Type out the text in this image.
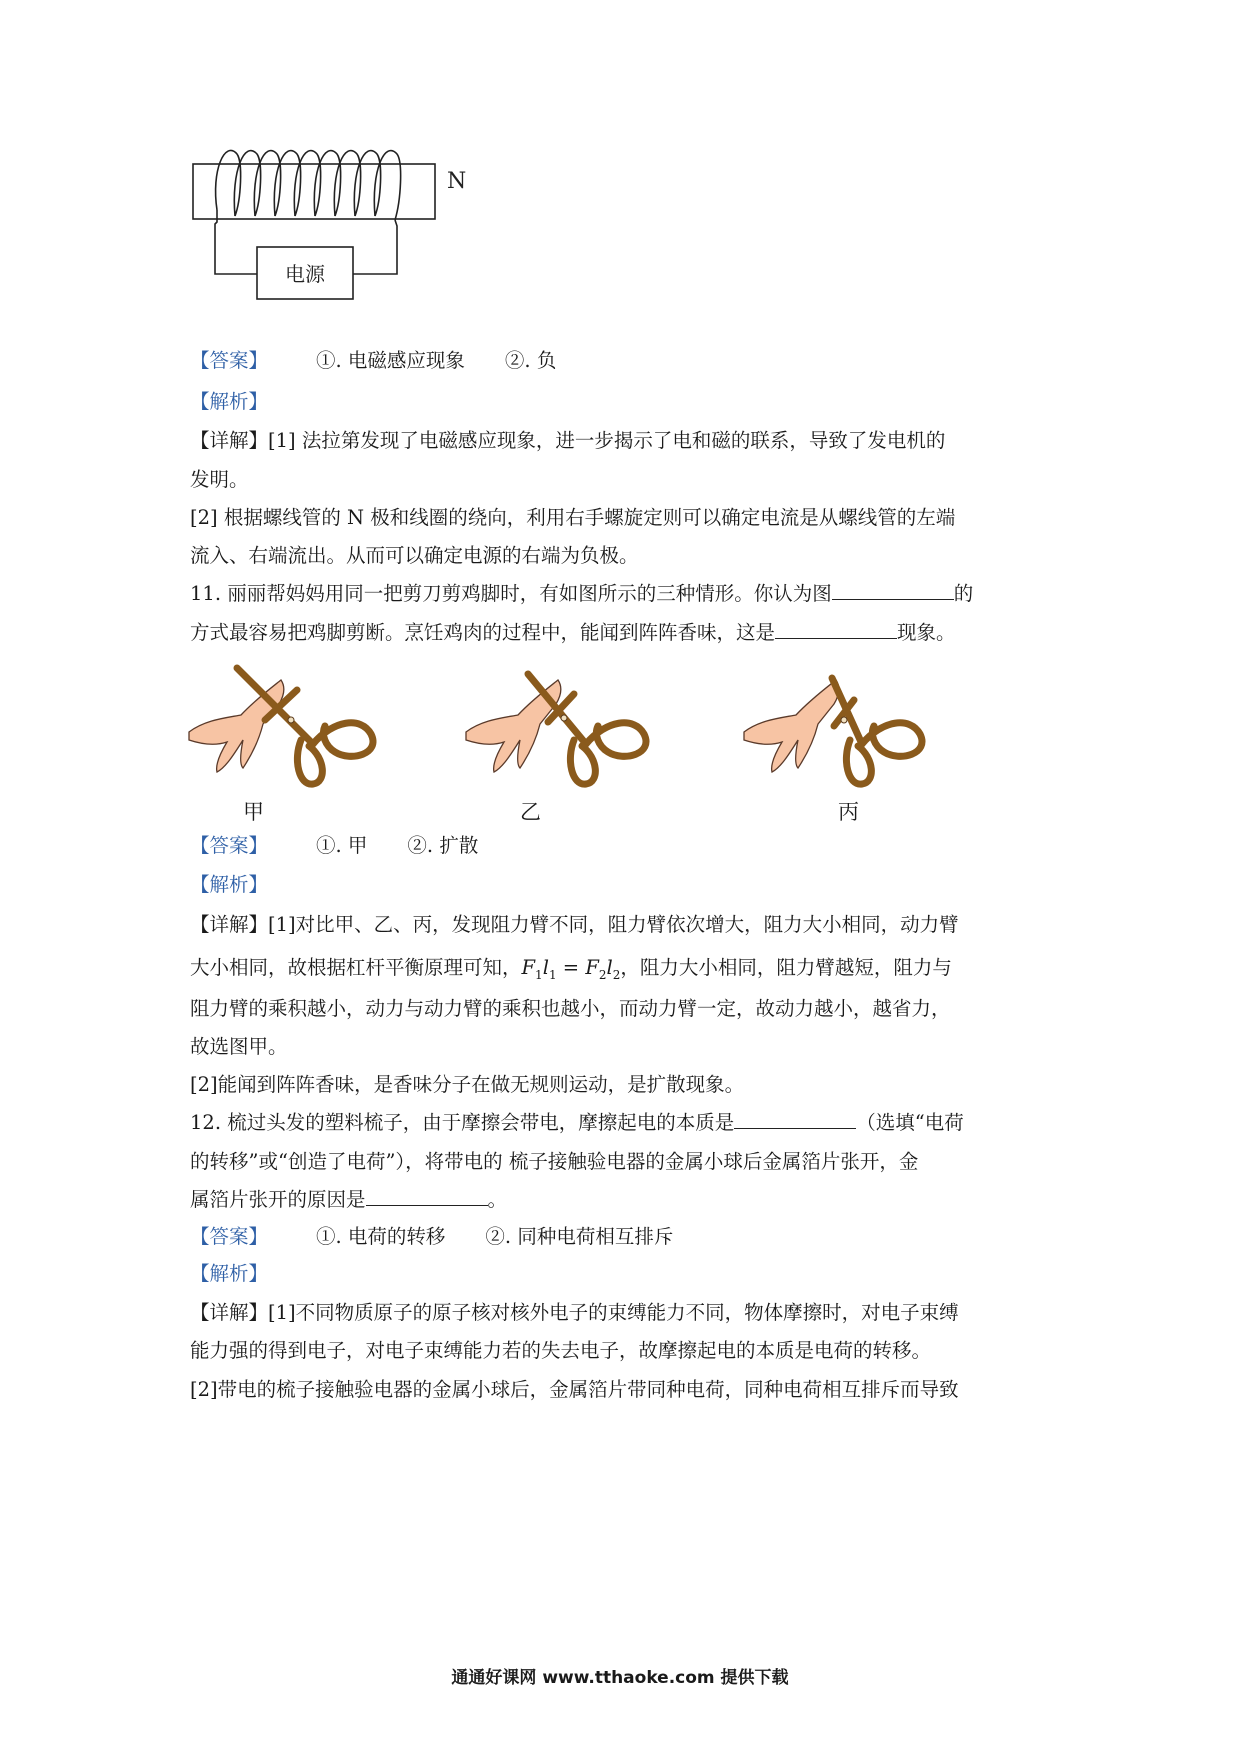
电源
N
【答案】 ①. 电磁感应现象 ②. 负
【解析】
【详解】[1] 法拉第发现了电磁感应现象，进一步揭示了电和磁的联系，导致了发电机的
发明。
[2] 根据螺线管的 N 极和线圈的绕向，利用右手螺旋定则可以确定电流是从螺线管的左端
流入、右端流出。从而可以确定电源的右端为负极。
11. 丽丽帮妈妈用同一把剪刀剪鸡脚时，有如图所示的三种情形。你认为图	的
方式最容易把鸡脚剪断。烹饪鸡肉的过程中，能闻到阵阵香味，这是	现象。
甲	乙	丙
【答案】 ①. 甲 ②. 扩散
【解析】
【详解】[1]对比甲、乙、丙，发现阻力臂不同，阻力臂依次增大，阻力大小相同，动力臂
大小相同，故根据杠杆平衡原理可知，$F_1l_1 = F_2l_2$，阻力大小相同，阻力臂越短，阻力与
阻力臂的乘积越小，动力与动力臂的乘积也越小，而动力臂一定，故动力越小，越省力，
故选图甲。
[2]能闻到阵阵香味，是香味分子在做无规则运动，是扩散现象。
12. 梳过头发的塑料梳子，由于摩擦会带电，摩擦起电的本质是	（选填“电荷
的转移”或“创造了电荷”），将带电的 梳子接触验电器的金属小球后金属箔片张开，金
属箔片张开的原因是	。
【答案】 ①. 电荷的转移 ②. 同种电荷相互排斥
【解析】
【详解】[1]不同物质原子的原子核对核外电子的束缚能力不同，物体摩擦时，对电子束缚
能力强的得到电子，对电子束缚能力若的失去电子，故摩擦起电的本质是电荷的转移。
[2]带电的梳子接触验电器的金属小球后，金属箔片带同种电荷，同种电荷相互排斥而导致
通通好课网 www.tthaoke.com 提供下载
